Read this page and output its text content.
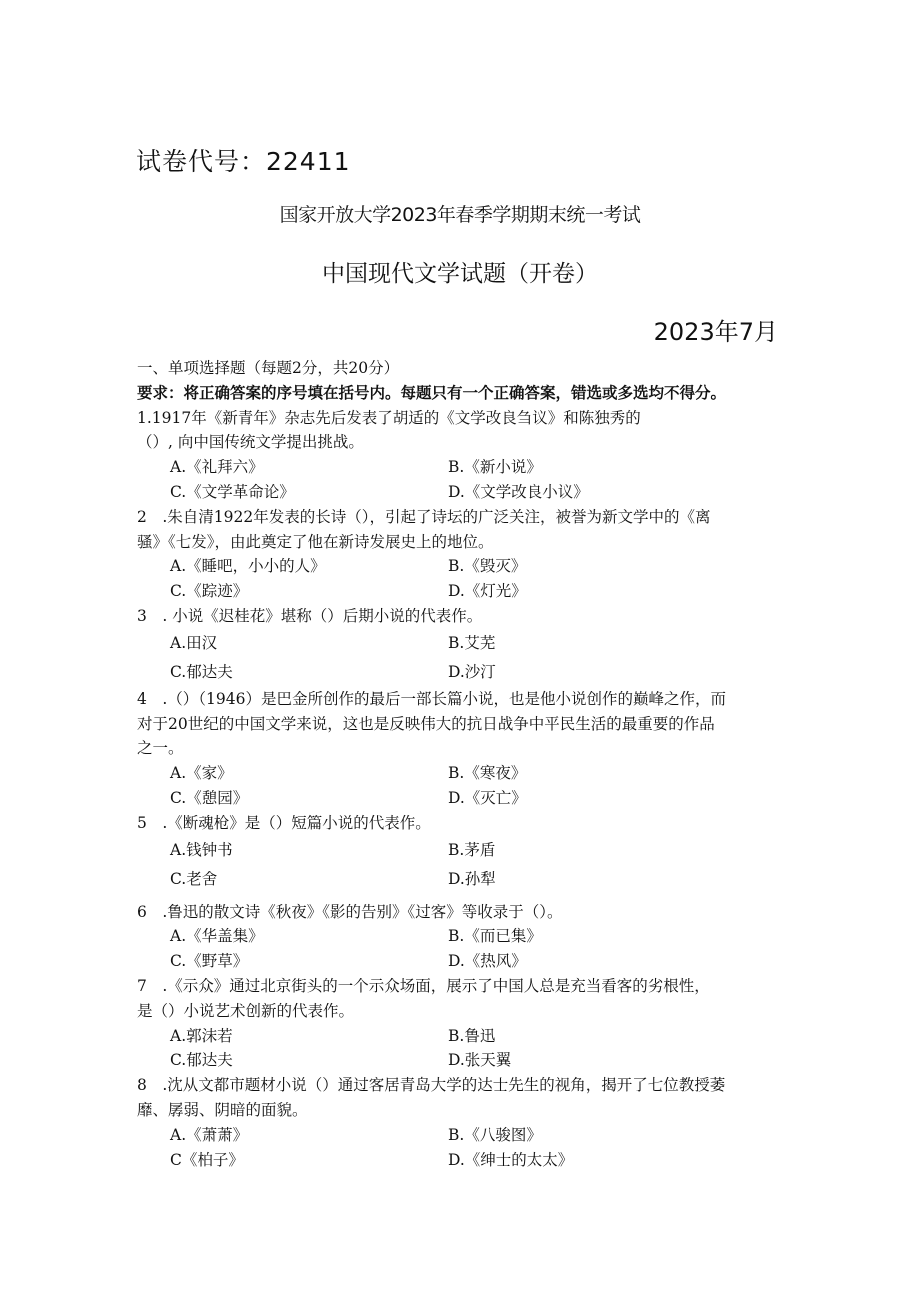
试卷代号：22411
国家开放大学2023年春季学期期末统一考试
中国现代文学试题（开卷）
2023年7月
一、单项选择题（每题2分，共20分）
要求：将正确答案的序号填在括号内。每题只有一个正确答案，错选或多选均不得分。
1.1917年《新青年》杂志先后发表了胡适的《文学改良刍议》和陈独秀的
（）, 向中国传统文学提出挑战。
A.《礼拜六》	B.《新小说》
C.《文学革命论》	D.《文学改良小议》
2　.朱自清1922年发表的长诗（），引起了诗坛的广泛关注，被誉为新文学中的《离
骚》《七发》，由此奠定了他在新诗发展史上的地位。
A.《睡吧，小小的人》	B.《毁灭》
C.《踪迹》	D.《灯光》
3　. 小说《迟桂花》堪称（）后期小说的代表作。
A.田汉	B.艾芜
C.郁达夫	D.沙汀
4　.（）（1946）是巴金所创作的最后一部长篇小说，也是他小说创作的巅峰之作，而
对于20世纪的中国文学来说，这也是反映伟大的抗日战争中平民生活的最重要的作品
之一。
A.《家》	B.《寒夜》
C.《憩园》	D.《灭亡》
5　.《断魂枪》是（）短篇小说的代表作。
A.钱钟书	B.茅盾
C.老舍	D.孙犁
6　.鲁迅的散文诗《秋夜》《影的告别》《过客》等收录于（）。
A.《华盖集》	B.《而已集》
C.《野草》	D.《热风》
7　.《示众》通过北京街头的一个示众场面，展示了中国人总是充当看客的劣根性，
是（）小说艺术创新的代表作。
A.郭沫若	B.鲁迅
C.郁达夫	D.张天翼
8　.沈从文都市题材小说（）通过客居青岛大学的达士先生的视角，揭开了七位教授萎
靡、孱弱、阴暗的面貌。
A.《萧萧》	B.《八骏图》
C《柏子》	D.《绅士的太太》
